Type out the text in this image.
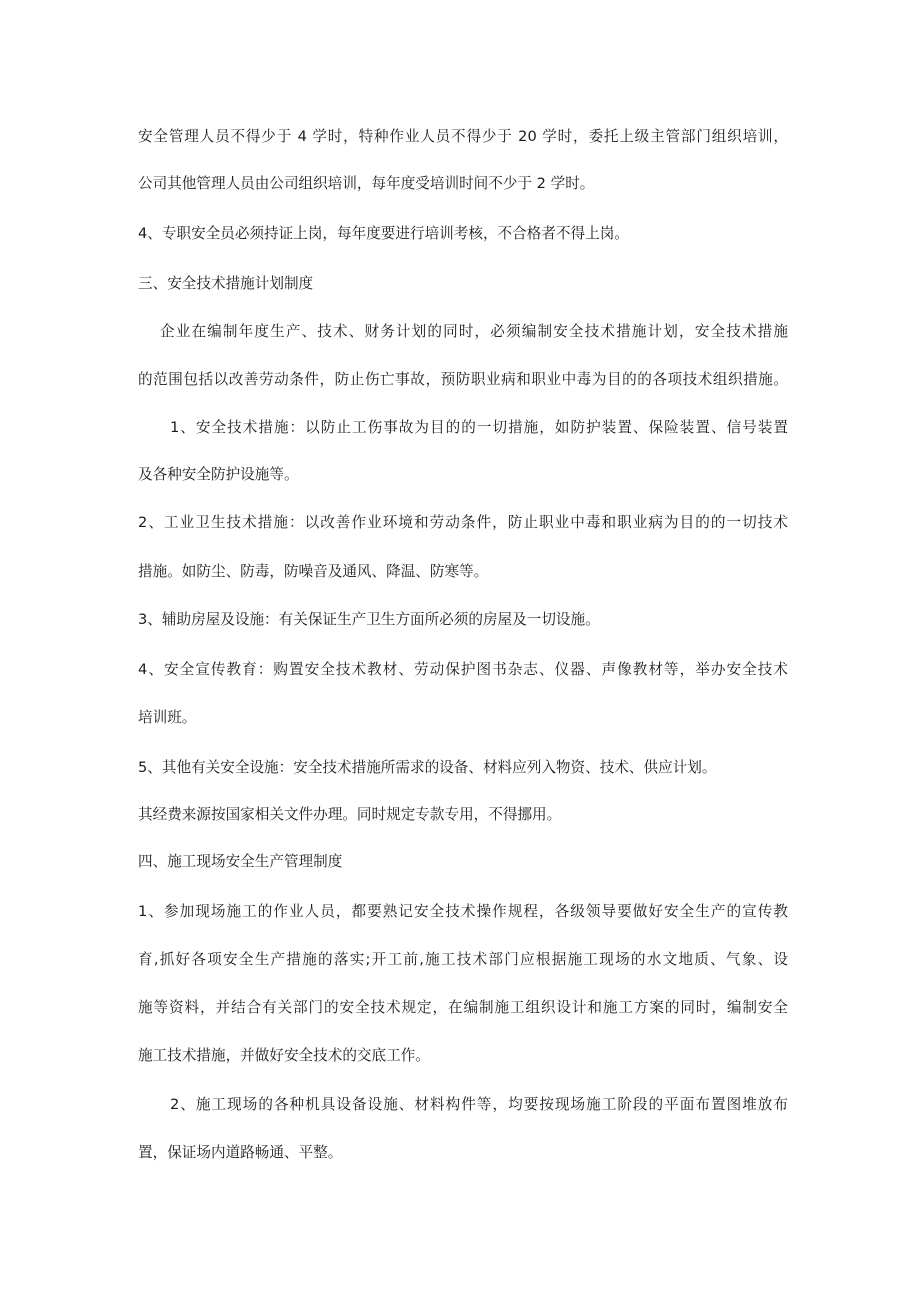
安全管理人员不得少于 4 学时，特种作业人员不得少于 20 学时，委托上级主管部门组织培训，
公司其他管理人员由公司组织培训，每年度受培训时间不少于 2 学时。
4、专职安全员必须持证上岗，每年度要进行培训考核，不合格者不得上岗。
三、安全技术措施计划制度
企业在编制年度生产、技术、财务计划的同时，必须编制安全技术措施计划，安全技术措施
的范围包括以改善劳动条件，防止伤亡事故，预防职业病和职业中毒为目的的各项技术组织措施。
1、安全技术措施：以防止工伤事故为目的的一切措施，如防护装置、保险装置、信号装置
及各种安全防护设施等。
2、工业卫生技术措施：以改善作业环境和劳动条件，防止职业中毒和职业病为目的的一切技术
措施。如防尘、防毒，防噪音及通风、降温、防寒等。
3、辅助房屋及设施：有关保证生产卫生方面所必须的房屋及一切设施。
4、安全宣传教育：购置安全技术教材、劳动保护图书杂志、仪器、声像教材等，举办安全技术
培训班。
5、其他有关安全设施：安全技术措施所需求的设备、材料应列入物资、技术、供应计划。
其经费来源按国家相关文件办理。同时规定专款专用，不得挪用。
四、施工现场安全生产管理制度
1、参加现场施工的作业人员，都要熟记安全技术操作规程，各级领导要做好安全生产的宣传教
育,抓好各项安全生产措施的落实;开工前,施工技术部门应根据施工现场的水文地质、气象、设
施等资料，并结合有关部门的安全技术规定，在编制施工组织设计和施工方案的同时，编制安全
施工技术措施，并做好安全技术的交底工作。
2、施工现场的各种机具设备设施、材料构件等，均要按现场施工阶段的平面布置图堆放布
置，保证场内道路畅通、平整。
